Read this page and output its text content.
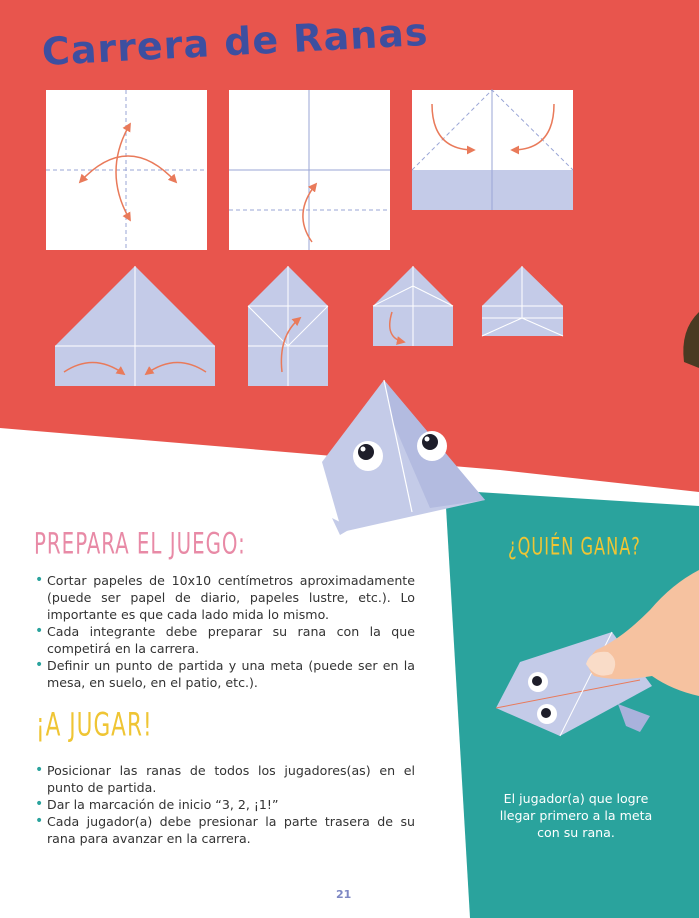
Carrera de Ranas
PREPARA EL JUEGO:
• Cortar papeles de 10x10 centímetros aproximadamente (puede ser papel de diario, papeles lustre, etc.). Lo importante es que cada lado mida lo mismo.
• Cada integrante debe preparar su rana con la que competirá en la carrera.
• Definir un punto de partida y una meta (puede ser en la mesa, en suelo, en el patio, etc.).
¡A JUGAR!
• Posicionar las ranas de todos los jugadores(as) en el punto de partida.
• Dar la marcación de inicio “3, 2, ¡1!”
• Cada jugador(a) debe presionar la parte trasera de su rana para avanzar en la carrera.
¿QUIÉN GANA?

El jugador(a) que logre llegar primero a la meta con su rana.

21
